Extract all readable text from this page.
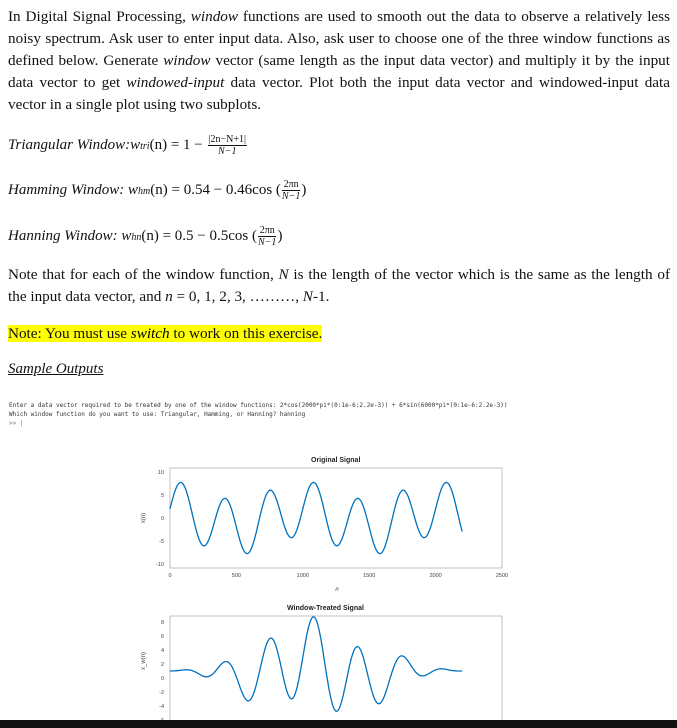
In Digital Signal Processing, window functions are used to smooth out the data to observe a relatively less noisy spectrum. Ask user to enter input data. Also, ask user to choose one of the three window functions as defined below. Generate window vector (same length as the input data vector) and multiply it by the input data vector to get windowed-input data vector. Plot both the input data vector and windowed-input data vector in a single plot using two subplots.
Triangular Window:wtri(n) = $1 - \frac{|2n-N+1|}{N-1}$
Hamming Window: whm(n) = 0.54 − 0.46cos ( $\frac{2\pi n}{N-1}$ )
Hanning Window: whn(n) = 0.5 − 0.5cos ( $\frac{2\pi n}{N-1}$ )
Note that for each of the window function, N is the length of the vector which is the same as the length of the input data vector, and n = 0, 1, 2, 3, ………, N-1.
Note: You must use switch to work on this exercise.
Sample Outputs
Enter a data vector required to be treated by one of the window functions: 2*cos(2000*pi*(0:1e-6:2.2e-3)) + 6*sin(6000*pi*(0:1e-6:2.2e-3))
Which window function do you want to use: Triangular, Hamming, or Hanning? hanning
>> |
0	500	1000	1500	2000	2500
10
5
0
-5
-10
n
x(n)
8
6
4
2
0
-2
-4
x_w(n)
Original Signal
Window-Treated Signal
